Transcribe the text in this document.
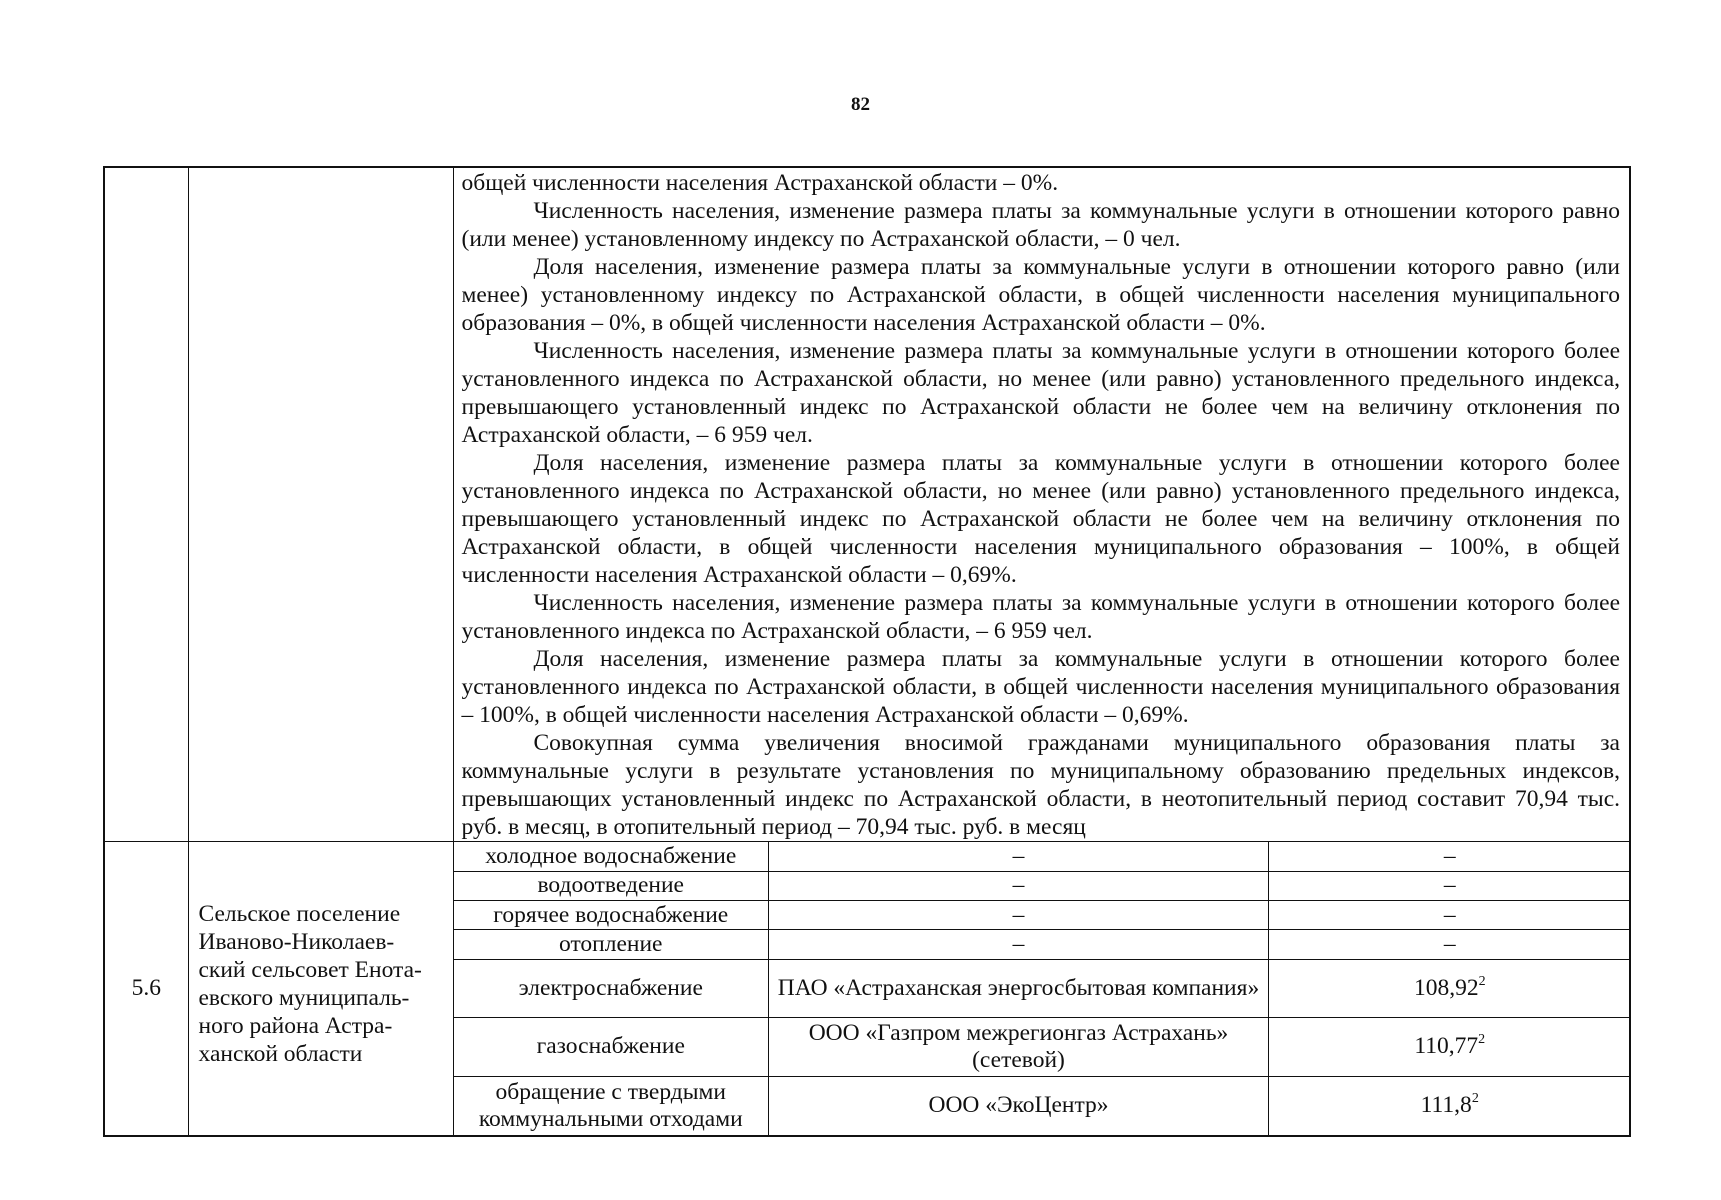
82

общей численности населения Астраханской области – 0%.

Численность населения, изменение размера платы за коммунальные услуги в отношении которого равно (или менее) установленному индексу по Астраханской области, – 0 чел.

Доля населения, изменение размера платы за коммунальные услуги в отношении которого равно (или менее) установленному индексу по Астраханской области, в общей численности населения муниципального образования – 0%, в общей численности населения Астраханской области – 0%.

Численность населения, изменение размера платы за коммунальные услуги в отношении которого более установленного индекса по Астраханской области, но менее (или равно) установленного предельного индекса, превышающего установленный индекс по Астраханской области не более чем на величину отклонения по Астраханской области, – 6 959 чел.

Доля населения, изменение размера платы за коммунальные услуги в отношении которого более установленного индекса по Астраханской области, но менее (или равно) установленного предельного индекса, превышающего установленный индекс по Астраханской области не более чем на величину отклонения по Астраханской области, в общей численности населения муниципального образования – 100%, в общей численности населения Астраханской области – 0,69%.

Численность населения, изменение размера платы за коммунальные услуги в отношении которого более установленного индекса по Астраханской области, – 6 959 чел.

Доля населения, изменение размера платы за коммунальные услуги в отношении которого более установленного индекса по Астраханской области, в общей численности населения муниципального образования – 100%, в общей численности населения Астраханской области – 0,69%.

Совокупная сумма увеличения вносимой гражданами муниципального образования платы за коммунальные услуги в результате установления по муниципальному образованию предельных индексов, превышающих установленный индекс по Астраханской области, в неотопительный период составит 70,94 тыс. руб. в месяц, в отопительный период – 70,94 тыс. руб. в месяц

5.6	
Сельское поселение
Иваново-Николаев-
ский сельсовет Енота-
евского муниципаль-
ного района Астра-
ханской области

холодное водоснабжение	–	–
водоотведение	–	–
горячее водоснабжение	–	–
отопление	–	–
электроснабжение	ПАО «Астраханская энергосбытовая компания»	108,92$^2$
газоснабжение	ООО «Газпром межрегионгаз Астрахань» (сетевой)	110,77$^2$
обращение с твердыми коммунальными отходами	ООО «ЭкоЦентр»	111,8$^2$
